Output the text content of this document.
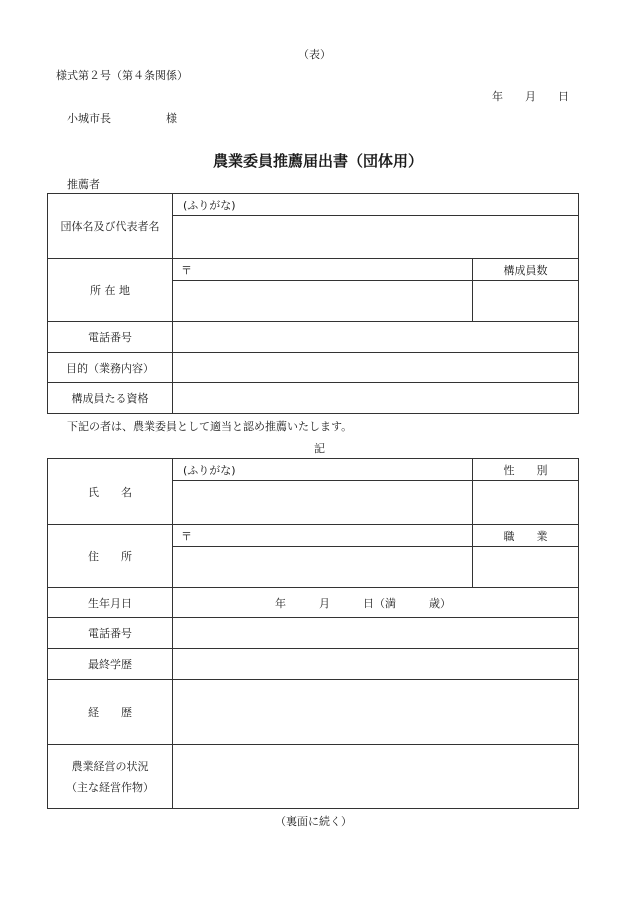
（表）
様式第２号（第４条関係）
年　　月　　日
小城市長　　　　　様
農業委員推薦届出書（団体用）
推薦者
団体名及び代表者名	(ふりがな)	

所 在 地	〒	構成員数

電話番号		
目的（業務内容）		
構成員たる資格		
下記の者は、農業委員として適当と認め推薦いたします。
記
氏　　名	(ふりがな)	性　　別

住　　所	〒	職　　業

生年月日	年　　　月　　　日（満　　　歳）	
電話番号		
最終学歴		
経　　歴		

農業経営の状況
（主な経営作物）		

（裏面に続く）
